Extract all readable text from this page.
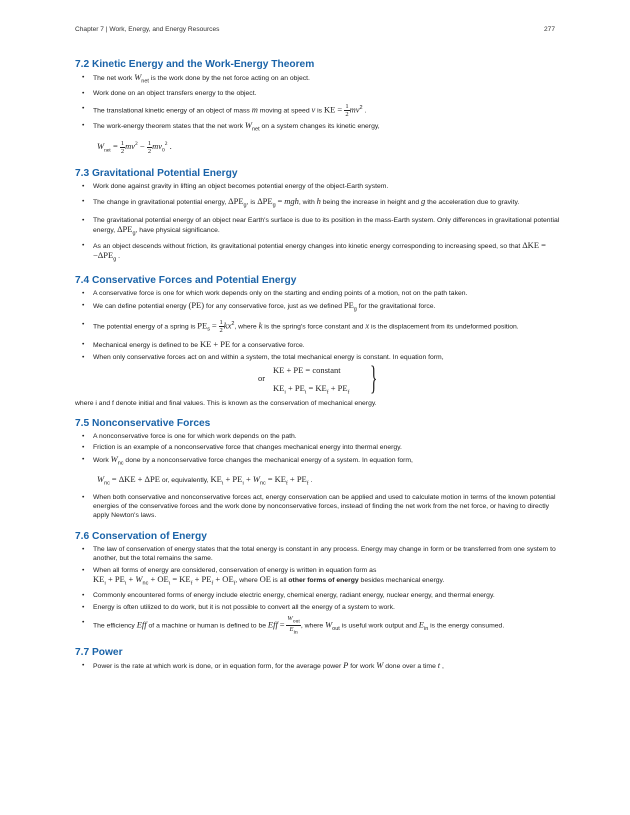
Chapter 7 | Work, Energy, and Energy Resources	277
7.2 Kinetic Energy and the Work-Energy Theorem
• The net work $W_{net}$ is the work done by the net force acting on an object.
• Work done on an object transfers energy to the object.
• The translational kinetic energy of an object of mass m moving at speed v is KE = $\frac{1}{2} mv^2$ .
• The work-energy theorem states that the net work $W_{net}$ on a system changes its kinetic energy,
$W_{net} = \frac{1}{2} mv^2 - \frac{1}{2} mv_0^2$ .
7.3 Gravitational Potential Energy
• Work done against gravity in lifting an object becomes potential energy of the object-Earth system.
• The change in gravitational potential energy, $\Delta PE_g$, is $\Delta PE_g$ = mgh, with h being the increase in height and g the acceleration due to gravity.
• The gravitational potential energy of an object near Earth's surface is due to its position in the mass-Earth system. Only differences in gravitational potential energy, $\Delta PE_g$, have physical significance.
• As an object descends without friction, its gravitational potential energy changes into kinetic energy corresponding to increasing speed, so that $\Delta KE = -\Delta PE_g$ .
7.4 Conservative Forces and Potential Energy
• A conservative force is one for which work depends only on the starting and ending points of a motion, not on the path taken.
• We can define potential energy (PE) for any conservative force, just as we defined $PE_g$ for the gravitational force.
• The potential energy of a spring is $PE_s = \frac{1}{2} kx^2$, where k is the spring's force constant and x is the displacement from its undeformed position.
• Mechanical energy is defined to be KE + PE for a conservative force.
• When only conservative forces act on and within a system, the total mechanical energy is constant. In equation form,
KE + PE = constant
or
$KE_i + PE_i = KE_f + PE_f$ }

where i and f denote initial and final values. This is known as the conservation of mechanical energy.

7.5 Nonconservative Forces
• A nonconservative force is one for which work depends on the path.
• Friction is an example of a nonconservative force that changes mechanical energy into thermal energy.
• Work $W_{nc}$ done by a nonconservative force changes the mechanical energy of a system. In equation form,
$W_{nc} = \Delta KE + \Delta PE$ or, equivalently, $KE_i + PE_i + W_{nc} = KE_f + PE_f$ .
• When both conservative and nonconservative forces act, energy conservation can be applied and used to calculate motion in terms of the known potential energies of the conservative forces and the work done by nonconservative forces, instead of finding the net work from the net force, or having to directly apply Newton's laws.
7.6 Conservation of Energy
• The law of conservation of energy states that the total energy is constant in any process. Energy may change in form or be transferred from one system to another, but the total remains the same.
• When all forms of energy are considered, conservation of energy is written in equation form as
$KE_i + PE_i + W_{nc} + OE_i = KE_f + PE_f + OE_f$, where OE is all other forms of energy besides mechanical energy.
• Commonly encountered forms of energy include electric energy, chemical energy, radiant energy, nuclear energy, and thermal energy.
• Energy is often utilized to do work, but it is not possible to convert all the energy of a system to work.
• The efficiency Eff of a machine or human is defined to be Eff = $\frac{W_{out}}{E_{in}}$ , where $W_{out}$ is useful work output and $E_{in}$ is the energy consumed.
7.7 Power
• Power is the rate at which work is done, or in equation form, for the average power P for work W done over a time t ,
